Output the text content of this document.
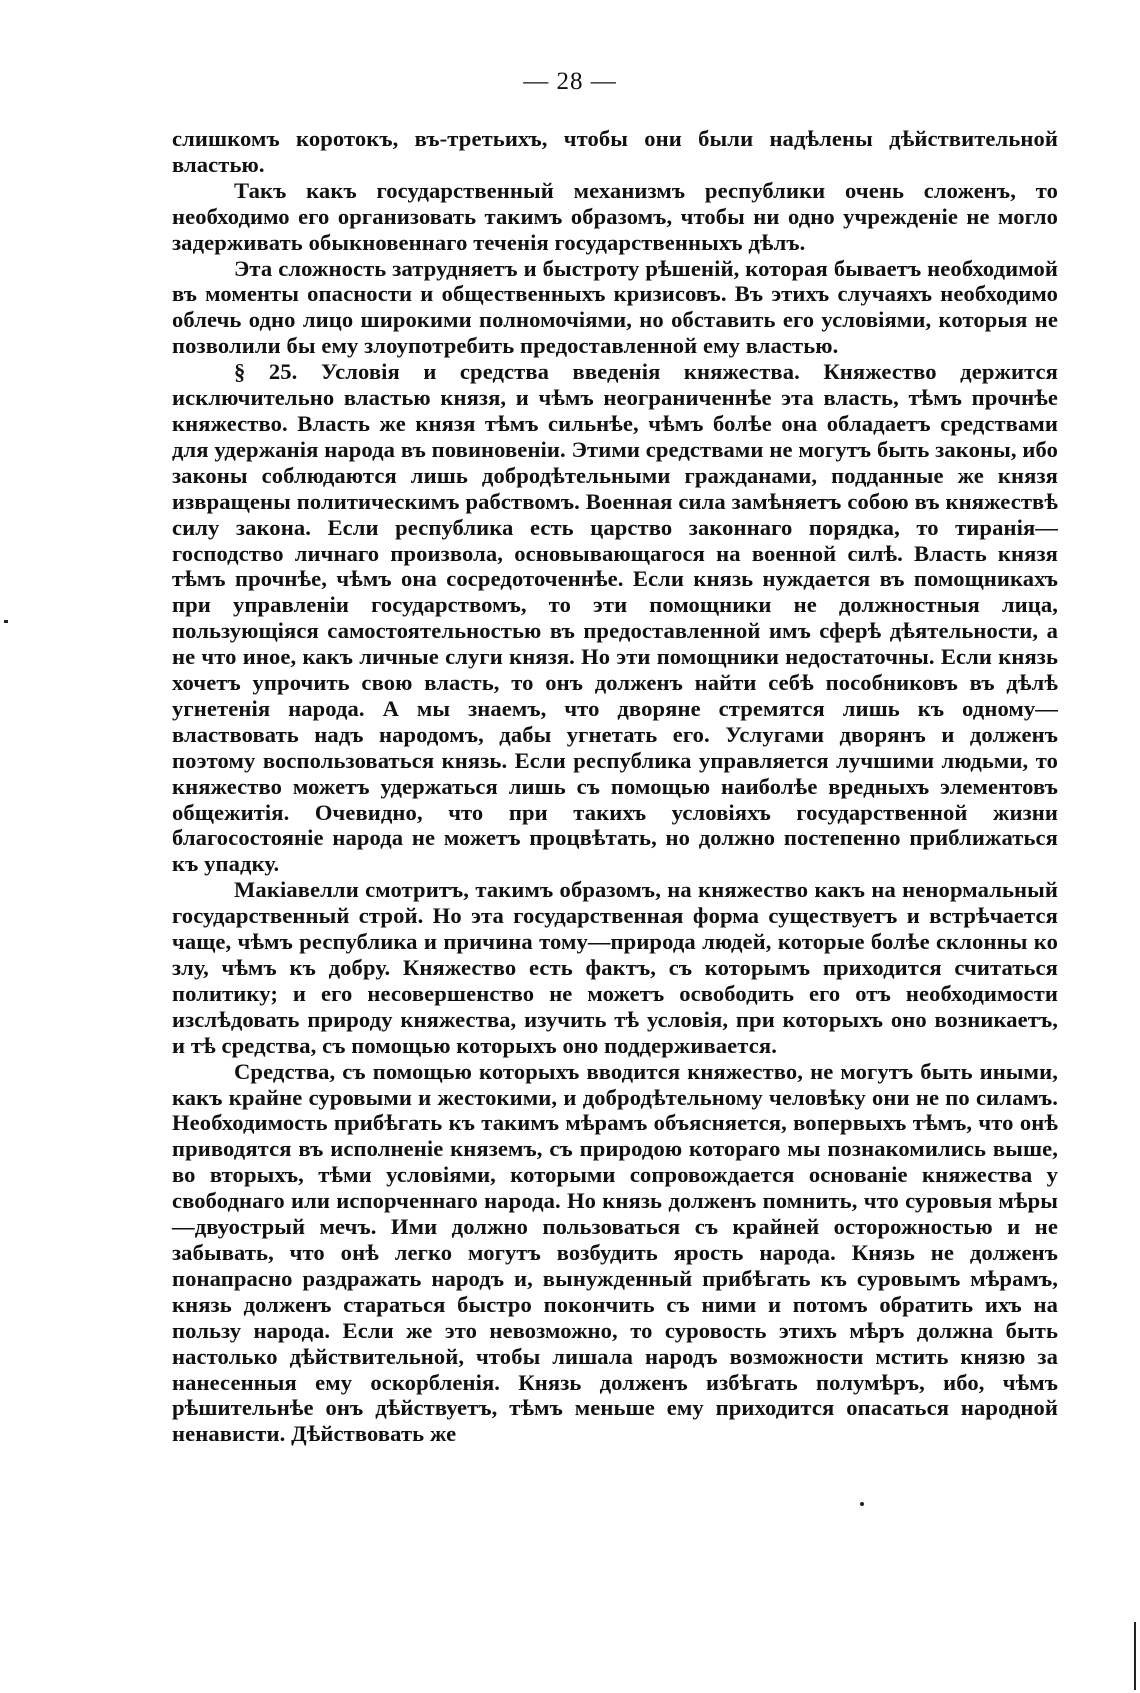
— 28 —

слишкомъ коротокъ, въ-третьихъ, чтобы они были надѣлены дѣйствительной властью.

Такъ какъ государственный механизмъ республики очень сложенъ, то необходимо его организовать такимъ образомъ, чтобы ни одно учрежденіе не могло задерживать обыкновеннаго теченія государственныхъ дѣлъ.

Эта сложность затрудняетъ и быстроту рѣшеній, которая бываетъ необходимой въ моменты опасности и общественныхъ кризисовъ. Въ этихъ случаяхъ необходимо облечь одно лицо широкими полномочіями, но обставить его условіями, которыя не позволили бы ему злоупотребить предоставленной ему властью.

§ 25. Условія и средства введенія княжества. Княжество держится исключительно властью князя, и чѣмъ неограниченнѣе эта власть, тѣмъ прочнѣе княжество. Власть же князя тѣмъ сильнѣе, чѣмъ болѣе она обладаетъ средствами для удержанія народа въ повиновеніи. Этими средствами не могутъ быть законы, ибо законы соблюдаются лишь добродѣтельными гражданами, подданные же князя извращены политическимъ рабствомъ. Военная сила замѣняетъ собою въ княжествѣ силу закона. Если республика есть царство законнаго порядка, то тиранія—господство личнаго произвола, основывающагося на военной силѣ. Власть князя тѣмъ прочнѣе, чѣмъ она сосредоточеннѣе. Если князь нуждается въ помощникахъ при управленіи государствомъ, то эти помощники не должностныя лица, пользующіяся самостоятельностью въ предоставленной имъ сферѣ дѣятельности, а не что иное, какъ личные слуги князя. Но эти помощники недостаточны. Если князь хочетъ упрочить свою власть, то онъ долженъ найти себѣ пособниковъ въ дѣлѣ угнетенія народа. А мы знаемъ, что дворяне стремятся лишь къ одному—властвовать надъ народомъ, дабы угнетать его. Услугами дворянъ и долженъ поэтому воспользоваться князь. Если республика управляется лучшими людьми, то княжество можетъ удержаться лишь съ помощью наиболѣе вредныхъ элементовъ общежитія. Очевидно, что при такихъ условіяхъ государственной жизни благосостояніе народа не можетъ процвѣтать, но должно постепенно приближаться къ упадку.

Макіавелли смотритъ, такимъ образомъ, на княжество какъ на ненормальный государственный строй. Но эта государственная форма существуетъ и встрѣчается чаще, чѣмъ республика и причина тому—природа людей, которые болѣе склонны ко злу, чѣмъ къ добру. Княжество есть фактъ, съ которымъ приходится считаться политику; и его несовершенство не можетъ освободить его отъ необходимости изслѣдовать природу княжества, изучить тѣ условія, при которыхъ оно возникаетъ, и тѣ средства, съ помощью которыхъ оно поддерживается.

Средства, съ помощью которыхъ вводится княжество, не могутъ быть иными, какъ крайне суровыми и жестокими, и добродѣтельному человѣку они не по силамъ. Необходимость прибѣгать къ такимъ мѣрамъ объясняется, вопервыхъ тѣмъ, что онѣ приводятся въ исполненіе княземъ, съ природою котораго мы познакомились выше, во вторыхъ, тѣми условіями, которыми сопровождается основаніе княжества у свободнаго или испорченнаго народа. Но князь долженъ помнить, что суровыя мѣры—двуострый мечъ. Ими должно пользоваться съ крайней осторожностью и не забывать, что онѣ легко могутъ возбудить ярость народа. Князь не долженъ понапрасно раздражать народъ и, вынужденный прибѣгать къ суровымъ мѣрамъ, князь долженъ стараться быстро покончить съ ними и потомъ обратить ихъ на пользу народа. Если же это невозможно, то суровость этихъ мѣръ должна быть настолько дѣйствительной, чтобы лишала народъ возможности мстить князю за нанесенныя ему оскорбленія. Князь долженъ избѣгать полумѣръ, ибо, чѣмъ рѣшительнѣе онъ дѣйствуетъ, тѣмъ меньше ему приходится опасаться народной ненависти. Дѣйствовать же
